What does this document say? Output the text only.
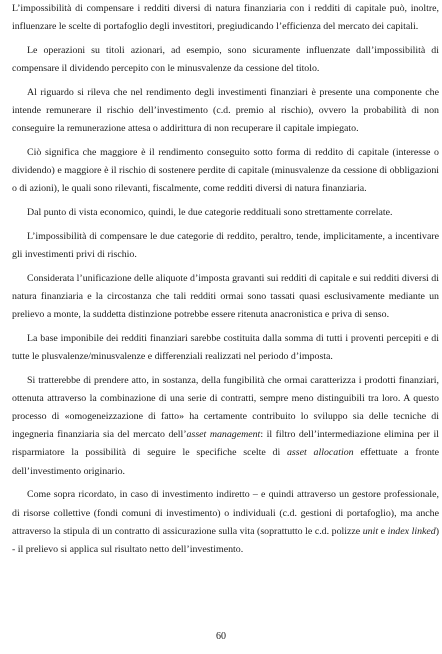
L’impossibilità di compensare i redditi diversi di natura finanziaria con i redditi di capitale può, inoltre, influenzare le scelte di portafoglio degli investitori, pregiudicando l’efficienza del mercato dei capitali.

Le operazioni su titoli azionari, ad esempio, sono sicuramente influenzate dall’impossibilità di compensare il dividendo percepito con le minusvalenze da cessione del titolo.

Al riguardo si rileva che nel rendimento degli investimenti finanziari è presente una componente che intende remunerare il rischio dell’investimento (c.d. premio al rischio), ovvero la probabilità di non conseguire la remunerazione attesa o addirittura di non recuperare il capitale impiegato.

Ciò significa che maggiore è il rendimento conseguito sotto forma di reddito di capitale (interesse o dividendo) e maggiore è il rischio di sostenere perdite di capitale (minusvalenze da cessione di obbligazioni o di azioni), le quali sono rilevanti, fiscalmente, come redditi diversi di natura finanziaria.

Dal punto di vista economico, quindi, le due categorie reddituali sono strettamente correlate.

L’impossibilità di compensare le due categorie di reddito, peraltro, tende, implicitamente, a incentivare gli investimenti privi di rischio.

Considerata l’unificazione delle aliquote d’imposta gravanti sui redditi di capitale e sui redditi diversi di natura finanziaria e la circostanza che tali redditi ormai sono tassati quasi esclusivamente mediante un prelievo a monte, la suddetta distinzione potrebbe essere ritenuta anacronistica e priva di senso.

La base imponibile dei redditi finanziari sarebbe costituita dalla somma di tutti i proventi percepiti e di tutte le plusvalenze/minusvalenze e differenziali realizzati nel periodo d’imposta.

Si tratterebbe di prendere atto, in sostanza, della fungibilità che ormai caratterizza i prodotti finanziari, ottenuta attraverso la combinazione di una serie di contratti, sempre meno distinguibili tra loro. A questo processo di «omogeneizzazione di fatto» ha certamente contribuito lo sviluppo sia delle tecniche di ingegneria finanziaria sia del mercato dell’asset management: il filtro dell’intermediazione elimina per il risparmiatore la possibilità di seguire le specifiche scelte di asset allocation effettuate a fronte dell’investimento originario.

Come sopra ricordato, in caso di investimento indiretto – e quindi attraverso un gestore professionale, di risorse collettive (fondi comuni di investimento) o individuali (c.d. gestioni di portafoglio), ma anche attraverso la stipula di un contratto di assicurazione sulla vita (soprattutto le c.d. polizze unit e index linked) - il prelievo si applica sul risultato netto dell’investimento.

60
